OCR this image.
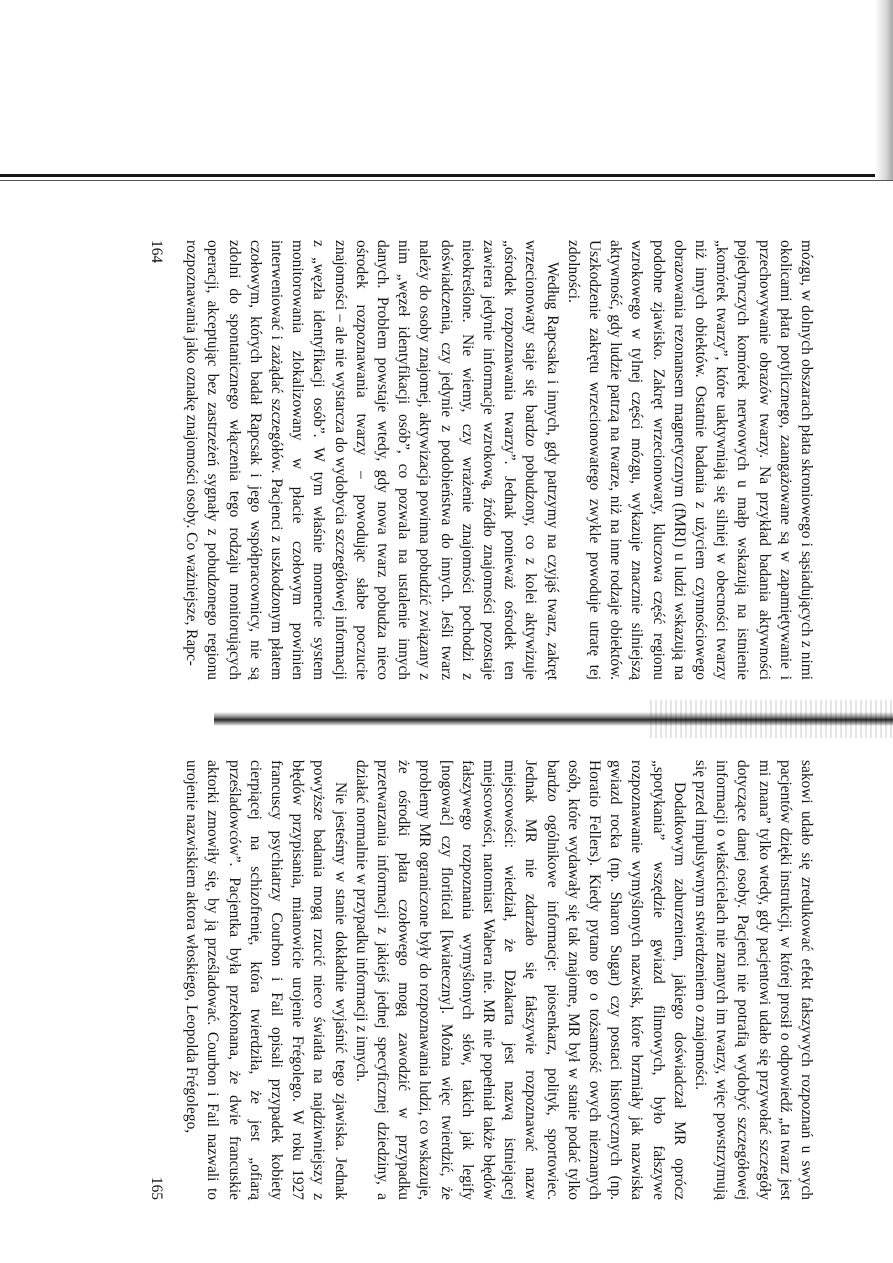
mózgu, w dolnych obszarach płata skroniowego i sąsiadujących z nimi okolicami płata potylicznego, zaangażowane są w zapamiętywanie i przechowywanie obrazów twarzy. Na przykład badania aktywności pojedynczych komórek nerwowych u małp wskazują na istnienie „komórek twarzy”, które uaktywniają się silniej w obecności twarzy niż innych obiektów. Ostatnie badania z użyciem czynnościowego obrazowania rezonansem magnetycznym (fMRI) u ludzi wskazują na podobne zjawisko. Zakręt wrzecionowaty, kluczowa część regionu wzrokowego w tylnej części mózgu, wykazuje znacznie silniejszą aktywność, gdy ludzie patrzą na twarze, niż na inne rodzaje obiektów. Uszkodzenie zakrętu wrzecionowatego zwykle powoduje utratę tej zdolności.

Według Rapcsaka i innych, gdy patrzymy na czyjąś twarz, zakręt wrzecionowaty staje się bardzo pobudzony, co z kolei aktywizuje „ośrodek rozpoznawania twarzy”. Jednak ponieważ ośrodek ten zawiera jedynie informacje wzrokową, źródło znajomości pozostaje nieokreślone. Nie wiemy, czy wrażenie znajomości pochodzi z doświadczenia, czy jedynie z podobieństwa do innych. Jeśli twarz należy do osoby znajomej, aktywizacja powinna pobudzić związany z nim „węzeł identyfikacji osób”, co pozwala na ustalenie innych danych. Problem powstaje wtedy, gdy nowa twarz pobudza nieco ośrodek rozpoznawania twarzy – powodując słabe poczucie znajomości – ale nie wystarcza do wydobycia szczegółowej informacji z „węzła identyfikacji osób”. W tym właśnie momencie system monitorowania zlokalizowany w płacie czołowym powinien interweniować i zażądać szczegółów. Pacjenci z uszkodzonym płatem czołowym, których badał Rapcsak i jego współpracownicy, nie są zdolni do spontanicznego włączenia tego rodzaju monitorujących operacji, akceptując bez zastrzeżeń sygnały z pobudzonego regionu rozpoznawania jako oznakę znajomości osoby. Co ważniejsze, Rapc-

164

sakowi udało się zredukować efekt fałszywych rozpoznań u swych pacjentów dzięki instrukcji, w której prosił o odpowiedź „ta twarz jest mi znana” tylko wtedy, gdy pacjentowi udało się przywołać szczegóły dotyczące danej osoby. Pacjenci nie potrafią wydobyć szczegółowej informacji o właścicielach nie znanych im twarzy, więc powstrzymują się przed impulsywnym stwierdzeniem o znajomości.

Dodatkowym zaburzeniem, jakiego doświadczał MR oprócz „spotykania” wszędzie gwiazd filmowych, było fałszywe rozpoznawanie wymyślonych nazwisk, które brzmiały jak nazwiska gwiazd rocka (np. Sharon Sugar) czy postaci historycznych (np. Horatio Fellers). Kiedy pytano go o tożsamość owych nieznanych osób, które wydawały się tak znajome, MR był w stanie podać tylko bardzo ogólnikowe informacje: piosenkarz, polityk, sportowiec. Jednak MR nie zdarzało się fałszywie rozpoznawać nazw miejscowości: wiedział, że Dżakarta jest nazwą istniejącej miejscowości, natomiast Wabera nie. MR nie popełniał także błędów fałszywego rozpoznania wymyślonych słów, takich jak legify [nogować] czy floritical [kwiateczny]. Można więc twierdzić, że problemy MR ograniczone były do rozpoznawania ludzi, co wskazuje, że ośrodki płata czołowego mogą zawodzić w przypadku przetwarzania informacji z jakiejś jednej specyficznej dziedziny, a działać normalnie w przypadku informacji z innych.

Nie jesteśmy w stanie dokładnie wyjaśnić tego zjawiska. Jednak powyższe badania mogą rzucić nieco światła na najdziwniejszy z błędów przypisania, mianowicie urojenie Frégolego. W roku 1927 francuscy psychiatrzy Courbon i Fail opisali przypadek kobiety cierpiącej na schizofrenię, która twierdziła, że jest „ofiarą prześladowców”. Pacjentka była przekonana, że dwie francuskie aktorki zmowiły się, by ją prześladować. Courbon i Fail nazwali to urojenie nazwiskiem aktora włoskiego, Leopolda Frégolego,

165
